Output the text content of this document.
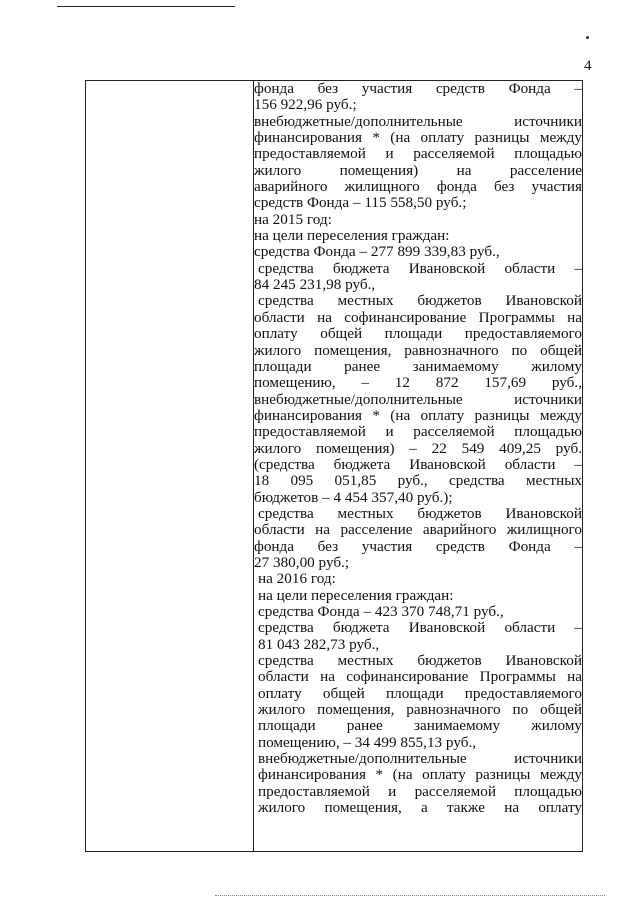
4

фонда без участия средств Фонда –
156 922,96 руб.;
внебюджетные/дополнительные источники
финансирования * (на оплату разницы между
предоставляемой и расселяемой площадью
жилого помещения) на расселение
аварийного жилищного фонда без участия
средств Фонда – 115 558,50 руб.;
на 2015 год:
на цели переселения граждан:
средства Фонда – 277 899 339,83 руб.,
средства бюджета Ивановской области –
84 245 231,98 руб.,
средства местных бюджетов Ивановской
области на софинансирование Программы на
оплату общей площади предоставляемого
жилого помещения, равнозначного по общей
площади ранее занимаемому жилому
помещению, – 12 872 157,69 руб.,
внебюджетные/дополнительные источники
финансирования * (на оплату разницы между
предоставляемой и расселяемой площадью
жилого помещения) – 22 549 409,25 руб.
(средства бюджета Ивановской области –
18 095 051,85 руб., средства местных
бюджетов – 4 454 357,40 руб.);
средства местных бюджетов Ивановской
области на расселение аварийного жилищного
фонда без участия средств Фонда –
27 380,00 руб.;
на 2016 год:
на цели переселения граждан:
средства Фонда – 423 370 748,71 руб.,
средства бюджета Ивановской области –
81 043 282,73 руб.,
средства местных бюджетов Ивановской
области на софинансирование Программы на
оплату общей площади предоставляемого
жилого помещения, равнозначного по общей
площади ранее занимаемому жилому
помещению, – 34 499 855,13 руб.,
внебюджетные/дополнительные источники
финансирования * (на оплату разницы между
предоставляемой и расселяемой площадью
жилого помещения, а также на оплату
